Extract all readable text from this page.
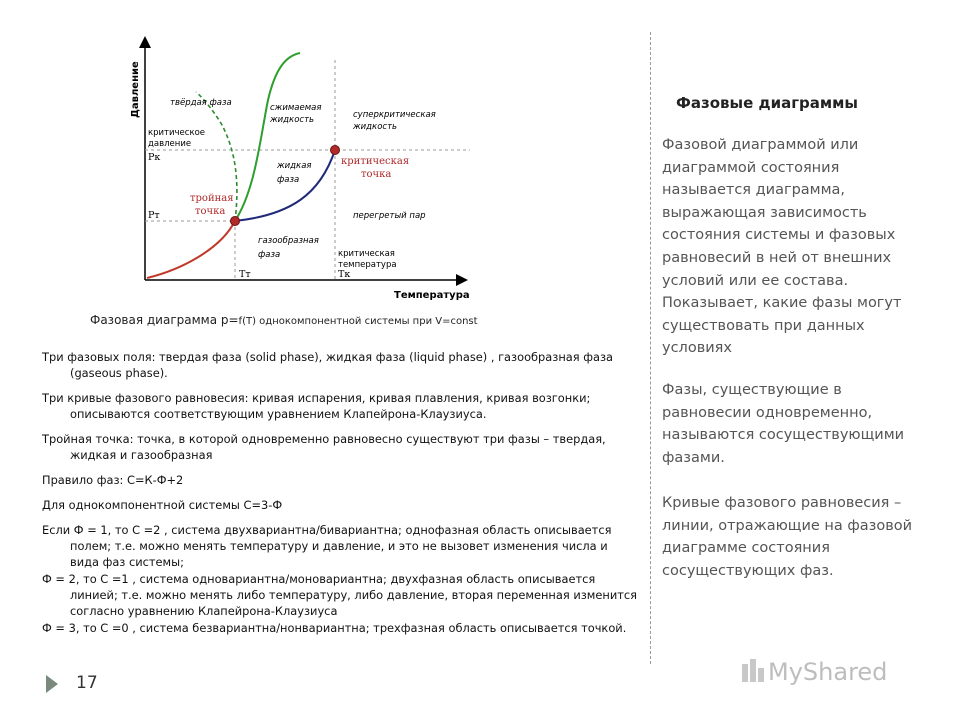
Давление
Температура
твёрдая фаза	сжимаемая
жидкость	суперкритическая
жидкость
жидкая
фаза
газообразная
фаза
перегретый пар
критическое
давление
Pк
Pт
тройная
точка
критическая
точка
критическая
температура
Tт	Tк
Фазовая диаграмма р=f(T) однокомпонентной системы при V=const

Три фазовых поля: твердая фаза (solid phase), жидкая фаза (liquid phase) , газообразная фаза (gaseous phase).

Три кривые фазового равновесия: кривая испарения, кривая плавления, кривая возгонки; описываются соответствующим уравнением Клапейрона-Клаузиуса.

Тройная точка: точка, в которой одновременно равновесно существуют три фазы – твердая, жидкая и газообразная

Правило фаз: С=К-Ф+2

Для однокомпонентной системы С=3-Ф

Если Ф = 1, то С =2 , система двухвариантна/бивариантна; однофазная область описывается полем; т.е. можно менять температуру и давление, и это не вызовет изменения числа и вида фаз системы;

Ф = 2, то С =1 , система одновариантна/моновариантна; двухфазная область описывается линией; т.е. можно менять либо температуру, либо давление, вторая переменная изменится согласно уравнению Клапейрона-Клаузиуса

Ф = 3, то С =0 , система безвариантна/нонвариантна; трехфазная область описывается точкой.

Фазовые диаграммы
Фазовой диаграммой или диаграммой состояния называется диаграмма, выражающая зависимость состояния системы и фазовых равновесий в ней от внешних условий или ее состава. Показывает, какие фазы могут существовать при данных условиях
Фазы, существующие в равновесии одновременно, называются сосуществующими фазами.
Кривые фазового равновесия – линии, отражающие на фазовой диаграмме состояния сосуществующих фаз.
17	MyShared
